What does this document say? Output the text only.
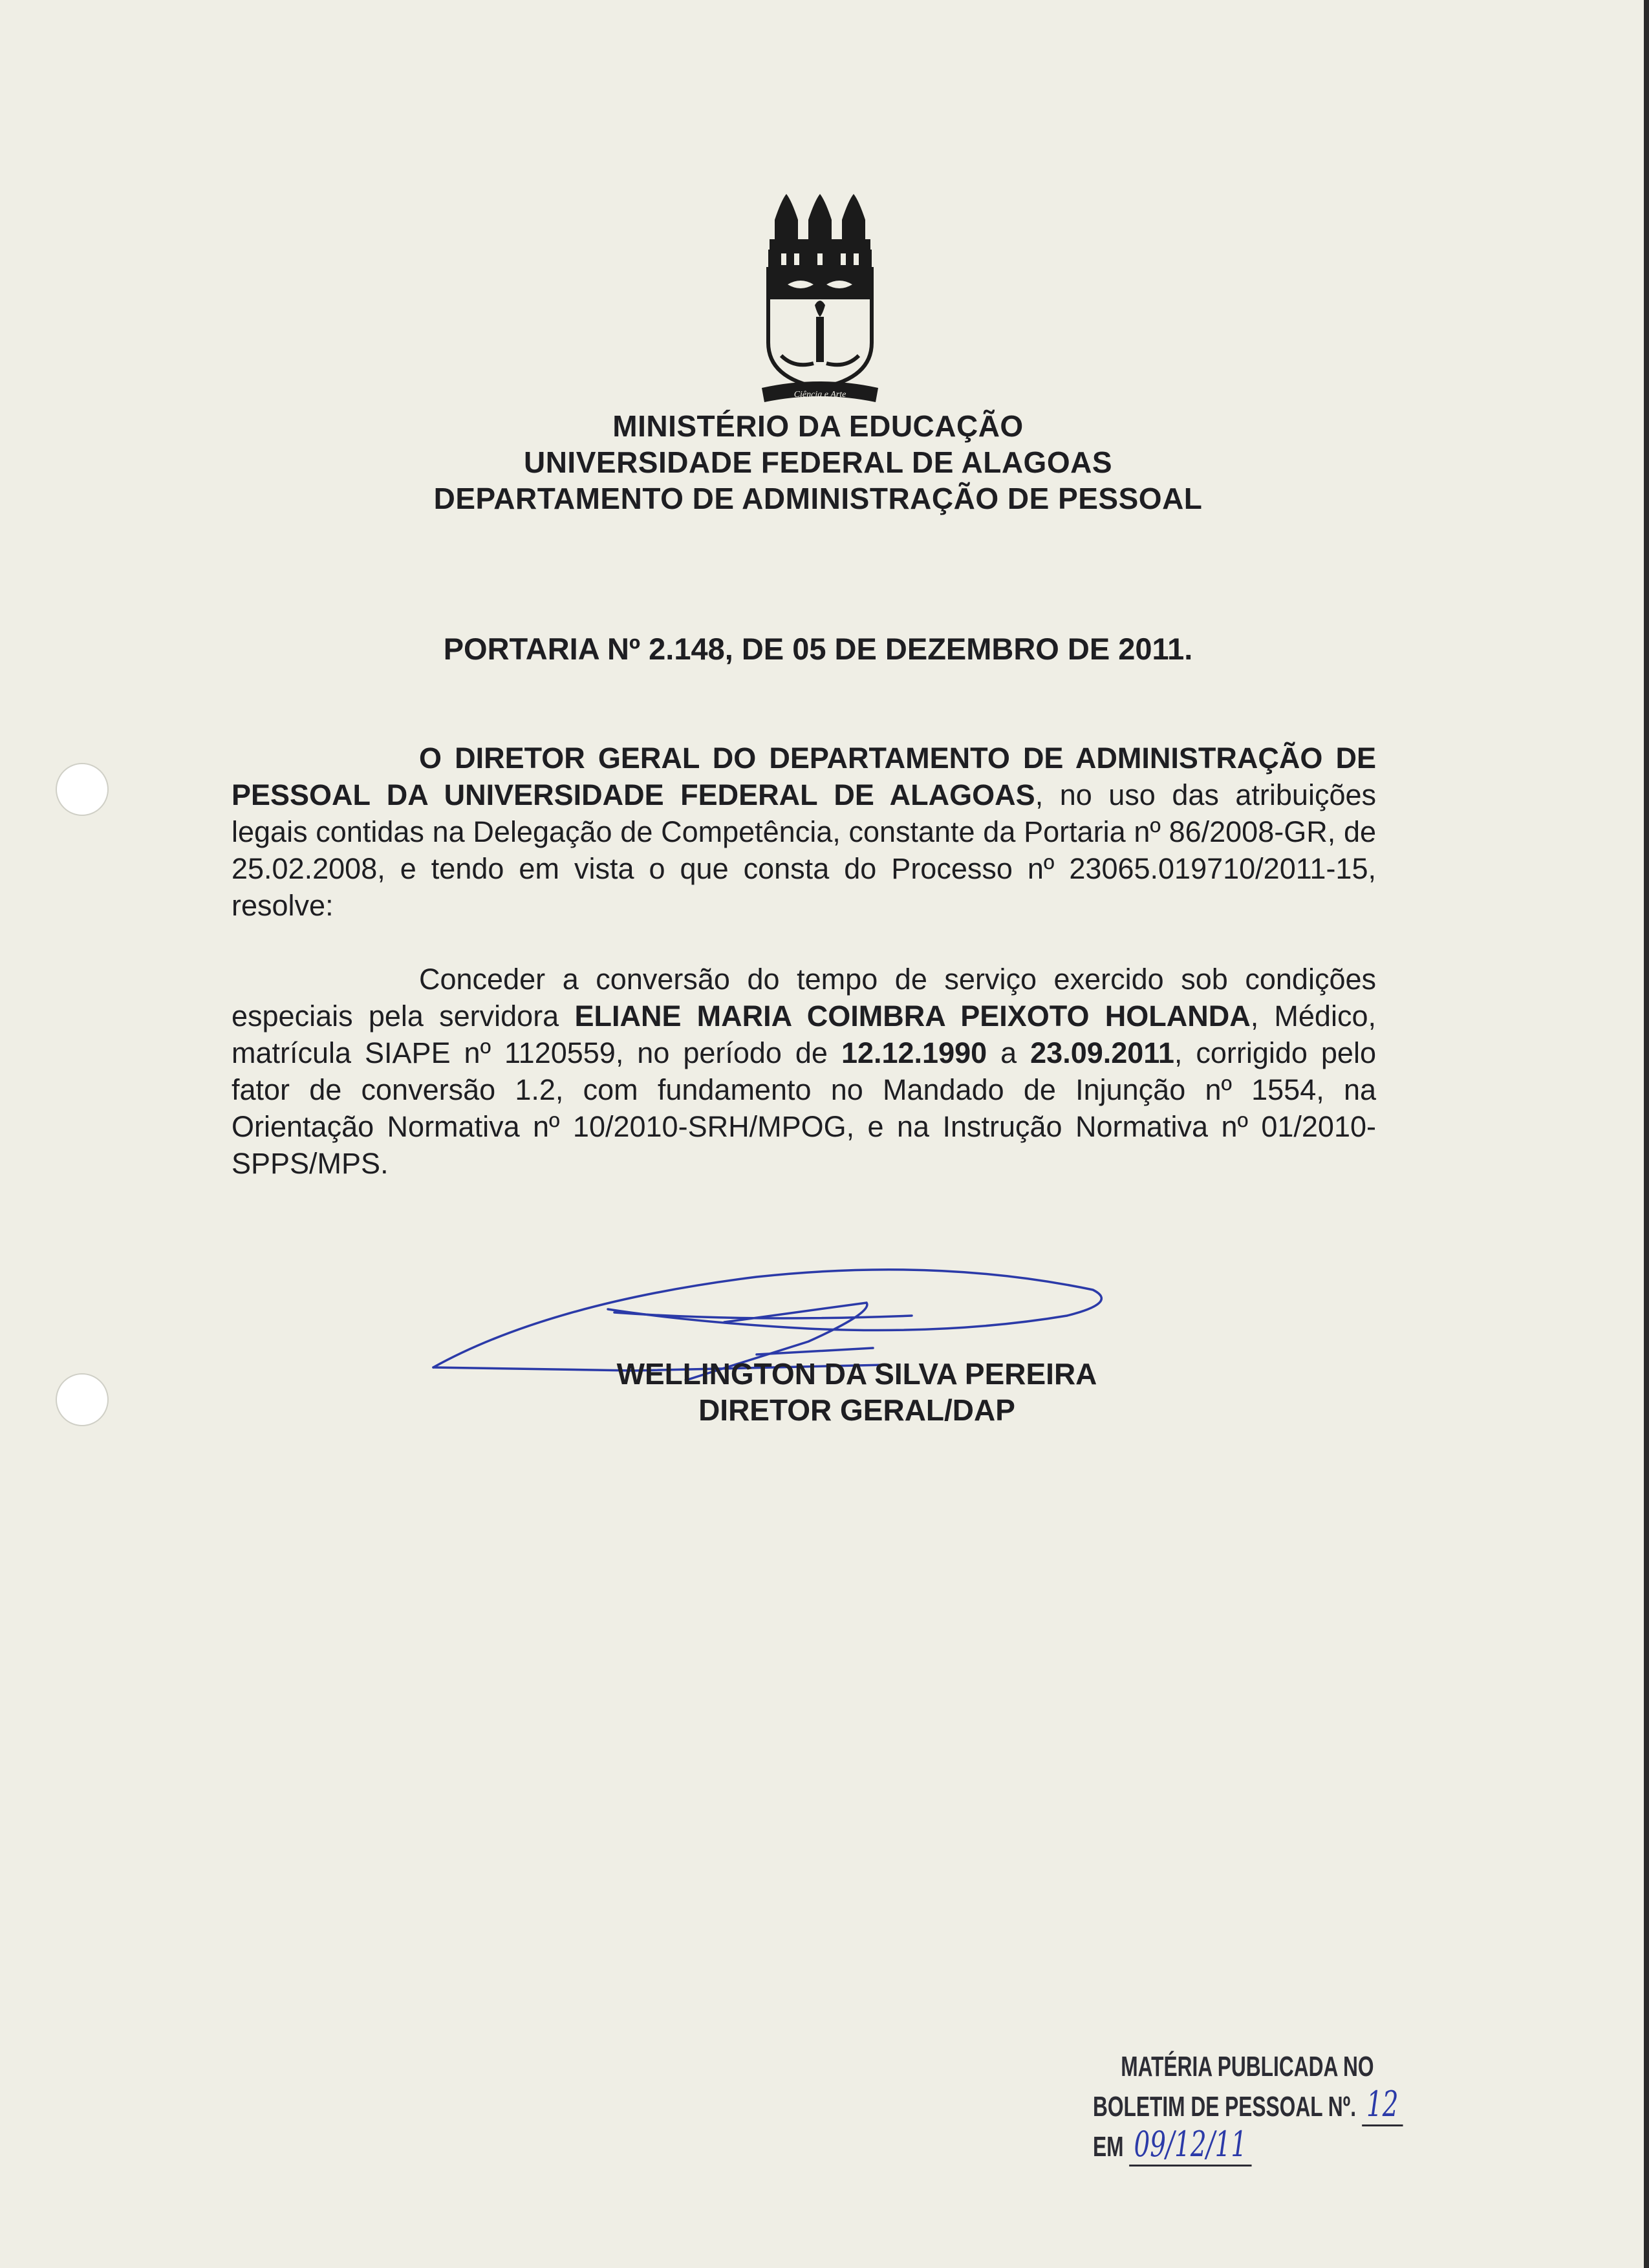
Ciência e Arte
MINISTÉRIO DA EDUCAÇÃO
UNIVERSIDADE FEDERAL DE ALAGOAS
DEPARTAMENTO DE ADMINISTRAÇÃO DE PESSOAL
PORTARIA Nº 2.148, DE 05 DE DEZEMBRO DE 2011.

O DIRETOR GERAL DO DEPARTAMENTO DE ADMINISTRAÇÃO DE PESSOAL DA UNIVERSIDADE FEDERAL DE ALAGOAS, no uso das atribuições legais contidas na Delegação de Competência, constante da Portaria nº 86/2008-GR, de 25.02.2008, e tendo em vista o que consta do Processo nº 23065.019710/2011-15, resolve:

Conceder a conversão do tempo de serviço exercido sob condições especiais pela servidora ELIANE MARIA COIMBRA PEIXOTO HOLANDA, Médico, matrícula SIAPE nº 1120559, no período de 12.12.1990 a 23.09.2011, corrigido pelo fator de conversão 1.2, com fundamento no Mandado de Injunção nº 1554, na Orientação Normativa nº 10/2010-SRH/MPOG, e na Instrução Normativa nº 01/2010-SPPS/MPS.

WELLINGTON DA SILVA PEREIRA
DIRETOR GERAL/DAP
MATÉRIA PUBLICADA NO
BOLETIM DE PESSOAL Nº. 12
EM 09/12/11
